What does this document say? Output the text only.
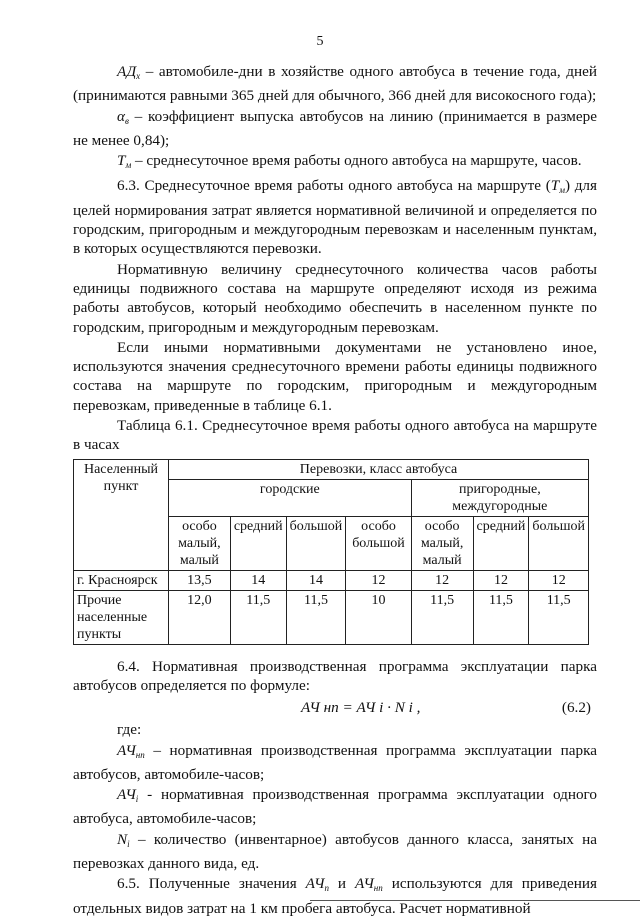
5

$АД_х$ – автомобиле-дни в хозяйстве одного автобуса в течение года, дней (принимаются равными 365 дней для обычного, 366 дней для високосного года);

$\alpha_в$ – коэффициент выпуска автобусов на линию (принимается в размере не менее 0,84);

$Т_м$ – среднесуточное время работы одного автобуса на маршруте, часов.

6.3. Среднесуточное время работы одного автобуса на маршруте $(Т_м)$ для целей нормирования затрат является нормативной величиной и определяется по городским, пригородным и междугородным перевозкам и населенным пунктам, в которых осуществляются перевозки.

Нормативную величину среднесуточного количества часов работы единицы подвижного состава на маршруте определяют исходя из режима работы автобусов, который необходимо обеспечить в населенном пункте по городским, пригородным и междугородным перевозкам.

Если иными нормативными документами не установлено иное, используются значения среднесуточного времени работы единицы подвижного состава на маршруте по городским, пригородным и междугородным перевозкам, приведенные в таблице 6.1.

Таблица 6.1. Среднесуточное время работы одного автобуса на маршруте в часах

Населенный пункт	Перевозки, класс автобуса						
	городские				пригородные, междугородные		
	особо малый, малый	средний	большой	особо большой	особо малый, малый	средний	большой
г. Красноярск	13,5	14	14	12	12	12	12
Прочие населенные пункты	12,0	11,5	11,5	10	11,5	11,5	11,5

6.4. Нормативная производственная программа эксплуатации парка автобусов определяется по формуле:

АЧ нп = АЧ i · N i ,	(6.2)

где:

$АЧ_{нп}$ – нормативная производственная программа эксплуатации парка автобусов, автомобиле-часов;

$АЧ_i$ - нормативная производственная программа эксплуатации одного автобуса, автомобиле-часов;

$N_i$ – количество (инвентарное) автобусов данного класса, занятых на перевозках данного вида, ед.

6.5. Полученные значения $АЧ_п$ и $АЧ_{нп}$ используются для приведения отдельных видов затрат на 1 км пробега автобуса. Расчет нормативной
